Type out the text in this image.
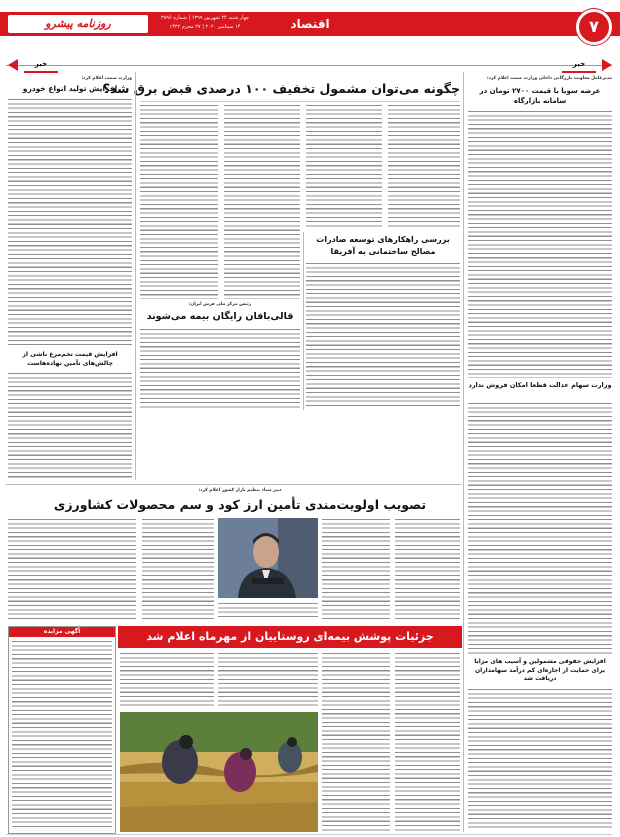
۷
اقتصاد
روزنامه پیشرو	چهار شنبه ۲۴ شهریور ۱۳۹۹ | شماره ۳۸۹۶
۱۴ سپتامبر ۲۰۲۰ | ۲۷ محرم ۱۴۴۲
خبر
خبر
مدیرعامل معاونت بازرگانی داخلی وزارت صمت اعلام کرد:
عرضه سویا با قیمت ۲۷۰۰ تومان در سامانه بازارگاه
وزارت سهام عدالت قطعا امکان فروش ندارد
افزایش حقوقی مشمولین و آسیب های مزایا برای حمایت از اجاره‌ای کم درآمد سهامداران دریافت شد
چگونه می‌توان مشمول تخفیف ۱۰۰ درصدی قبض برق شد؟
بررسی راهکارهای توسعه صادرات مصالح ساختمانی به آفریقا
رئیس مرکز ملی فرش ایران:
قالی‌بافان رایگان بیمه می‌شوند
وزارت صمت اعلام کرد:
افزایش تولید انواع خودرو
افزایش قیمت تخم‌مرغ ناشی از چالش‌های تأمین نهاده‌هاست
دبیر ستاد تنظیم بازار کشور اعلام کرد:
تصویب اولویت‌مندی تأمین ارز کود و سم محصولات کشاورزی
جزئیات پوشش بیمه‌ای روستاییان از مهرماه اعلام شد
آگهی مزایده
